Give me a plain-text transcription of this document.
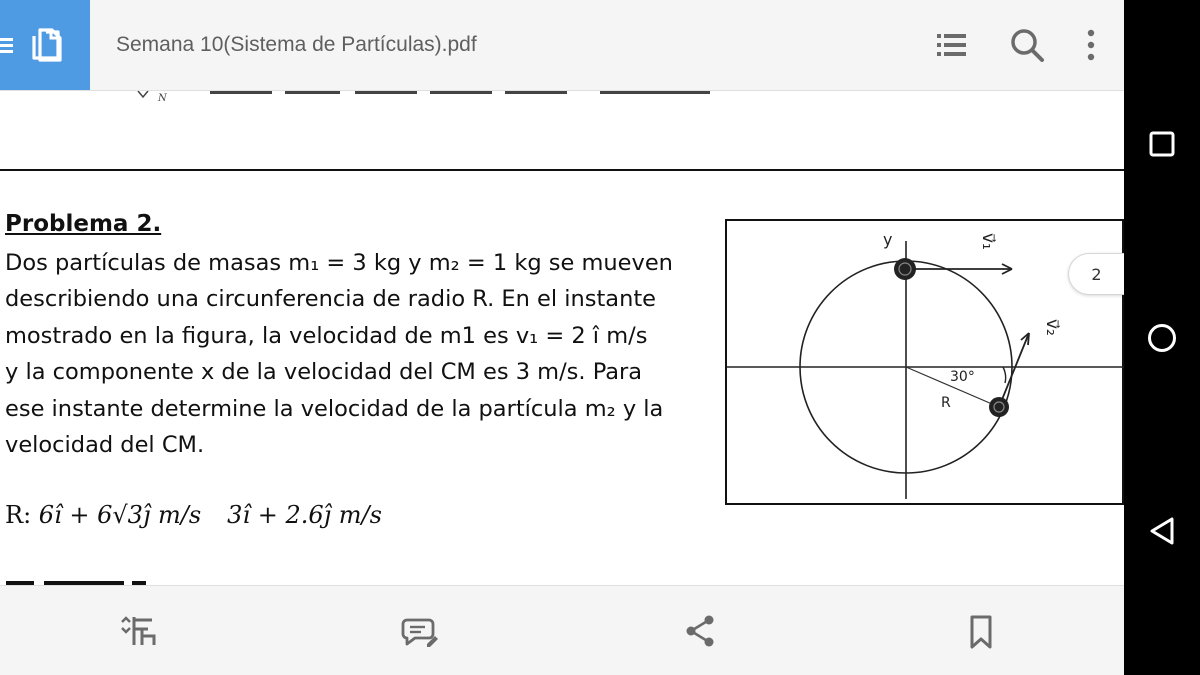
Semana 10(Sistema de Partículas).pdf
N
Problema 2.
Dos partículas de masas m₁ = 3 kg y m₂ = 1 kg se mueven
describiendo una circunferencia de radio R. En el instante
mostrado en la figura, la velocidad de m1 es v₁ = 2 î m/s
y la componente x de la velocidad del CM es 3 m/s. Para
ese instante determine la velocidad de la partícula m₂ y la
velocidad del CM.
R: 6î + 6√3ĵ m/s 3î + 2.6ĵ m/s
y	v⃗₁
v⃗₂
30°
R
2
